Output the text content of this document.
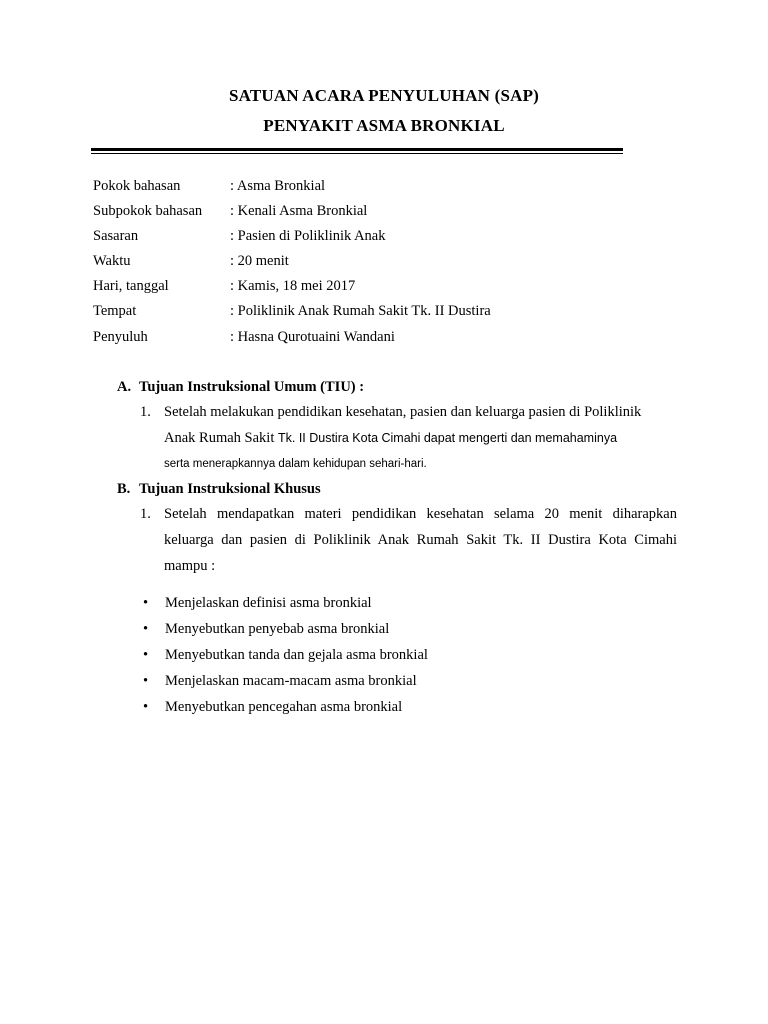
SATUAN ACARA PENYULUHAN (SAP)
PENYAKIT ASMA BRONKIAL
Pokok bahasan	: Asma Bronkial
Subpokok bahasan : Kenali Asma Bronkial
Sasaran	: Pasien di Poliklinik Anak
Waktu	: 20 menit
Hari, tanggal	: Kamis, 18 mei 2017
Tempat	: Poliklinik Anak Rumah Sakit Tk. II Dustira
Penyuluh	: Hasna Qurotuaini Wandani
A. Tujuan Instruksional Umum (TIU) :
1. Setelah melakukan pendidikan kesehatan, pasien dan keluarga pasien di Poliklinik
Anak Rumah Sakit Tk. II Dustira Kota Cimahi dapat mengerti dan memahaminya
serta menerapkannya dalam kehidupan sehari-hari.
B. Tujuan Instruksional Khusus
1. Setelah mendapatkan materi pendidikan kesehatan selama 20 menit diharapkan
keluarga dan pasien di Poliklinik Anak Rumah Sakit Tk. II Dustira Kota Cimahi
mampu :
• Menjelaskan definisi asma bronkial
• Menyebutkan penyebab asma bronkial
• Menyebutkan tanda dan gejala asma bronkial
• Menjelaskan macam-macam asma bronkial
• Menyebutkan pencegahan asma bronkial
